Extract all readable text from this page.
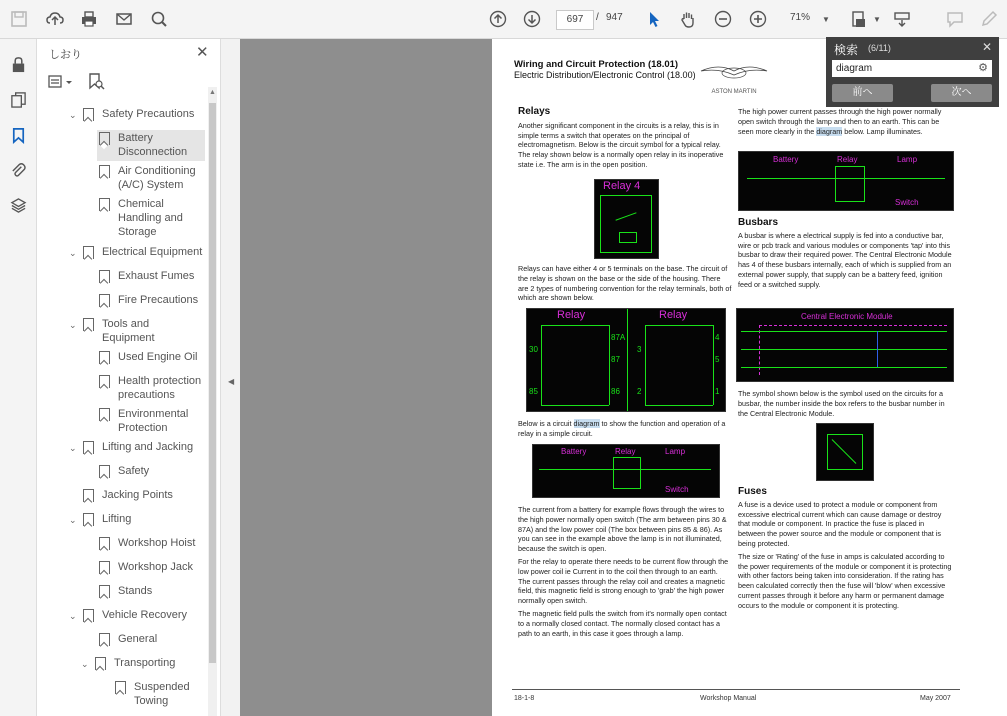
697	/ 947	71%	▼	▼
しおり	✕
⌄	Safety Precautions
Battery Disconnection
Air Conditioning (A/C) System
Chemical Handling and Storage
⌄	Electrical Equipment
Exhaust Fumes
Fire Precautions
⌄	Tools and Equipment
Used Engine Oil
Health protection precautions
Environmental Protection
⌄	Lifting and Jacking
Safety
Jacking Points
⌄	Lifting
Workshop Hoist
Workshop Jack
Stands
⌄	Vehicle Recovery
General
⌄	Transporting
Suspended Towing
▲
◀
Wiring and Circuit Protection (18.01)
Electric Distribution/Electronic Control (18.00)
ASTON MARTIN
Relays
Another significant component in the circuits is a relay, this is in simple terms a switch that operates on the principal of electromagnetism. Below is the circuit symbol for a typical relay. The relay shown below is a normally open relay in its inoperative state i.e. The arm is in the open position.
Relay 4
Relays can have either 4 or 5 terminals on the base. The circuit of the relay is shown on the base or the side of the housing. There are 2 types of numbering convention for the relay terminals, both of which are shown below.
Relay	Relay
30
87A
87
85	86
3
4
5
1
2
Below is a circuit diagram to show the function and operation of a relay in a simple circuit.
Battery	Relay	Lamp
Switch
The current from a battery for example flows through the wires to the high power normally open switch (The arm between pins 30 & 87A) and the low power coil (The box between pins 85 & 86). As you can see in the example above the lamp is in not illuminated, because the switch is open.
For the relay to operate there needs to be current flow through the low power coil ie Current in to the coil then through to an earth. The current passes through the relay coil and creates a magnetic field, this magnetic field is strong enough to 'grab' the high power normally open switch.
The magnetic field pulls the switch from it's normally open contact to a normally closed contact. The normally closed contact has a path to an earth, in this case it goes through a lamp.
The high power current passes through the high power normally open switch through the lamp and then to an earth. This can be seen more clearly in the diagram below. Lamp illuminates.
Battery	Relay	Lamp
Switch
Busbars
A busbar is where a electrical supply is fed into a conductive bar, wire or pcb track and various modules or components 'tap' into this busbar to draw their required power. The Central Electronic Module has 4 of these busbars internally, each of which is supplied from an external power supply, that supply can be a battery feed, ignition feed or a switched supply.
Central Electronic Module
The symbol shown below is the symbol used on the circuits for a busbar, the number inside the box refers to the busbar number in the Central Electronic Module.
Fuses
A fuse is a device used to protect a module or component from excessive electrical current which can cause damage or destroy that module or component. In practice the fuse is placed in between the power source and the module or component that is being protected.
The size or 'Rating' of the fuse in amps is calculated according to the power requirements of the module or component it is protecting with other factors being taken into consideration. If the rating has been calculated correctly then the fuse will 'blow' when excessive current passes through it before any harm or permanent damage occurs to the module or component it is protecting.
18-1-8	Workshop Manual	May 2007
検索 (6/11)	✕
diagram	⚙
前へ	次へ
